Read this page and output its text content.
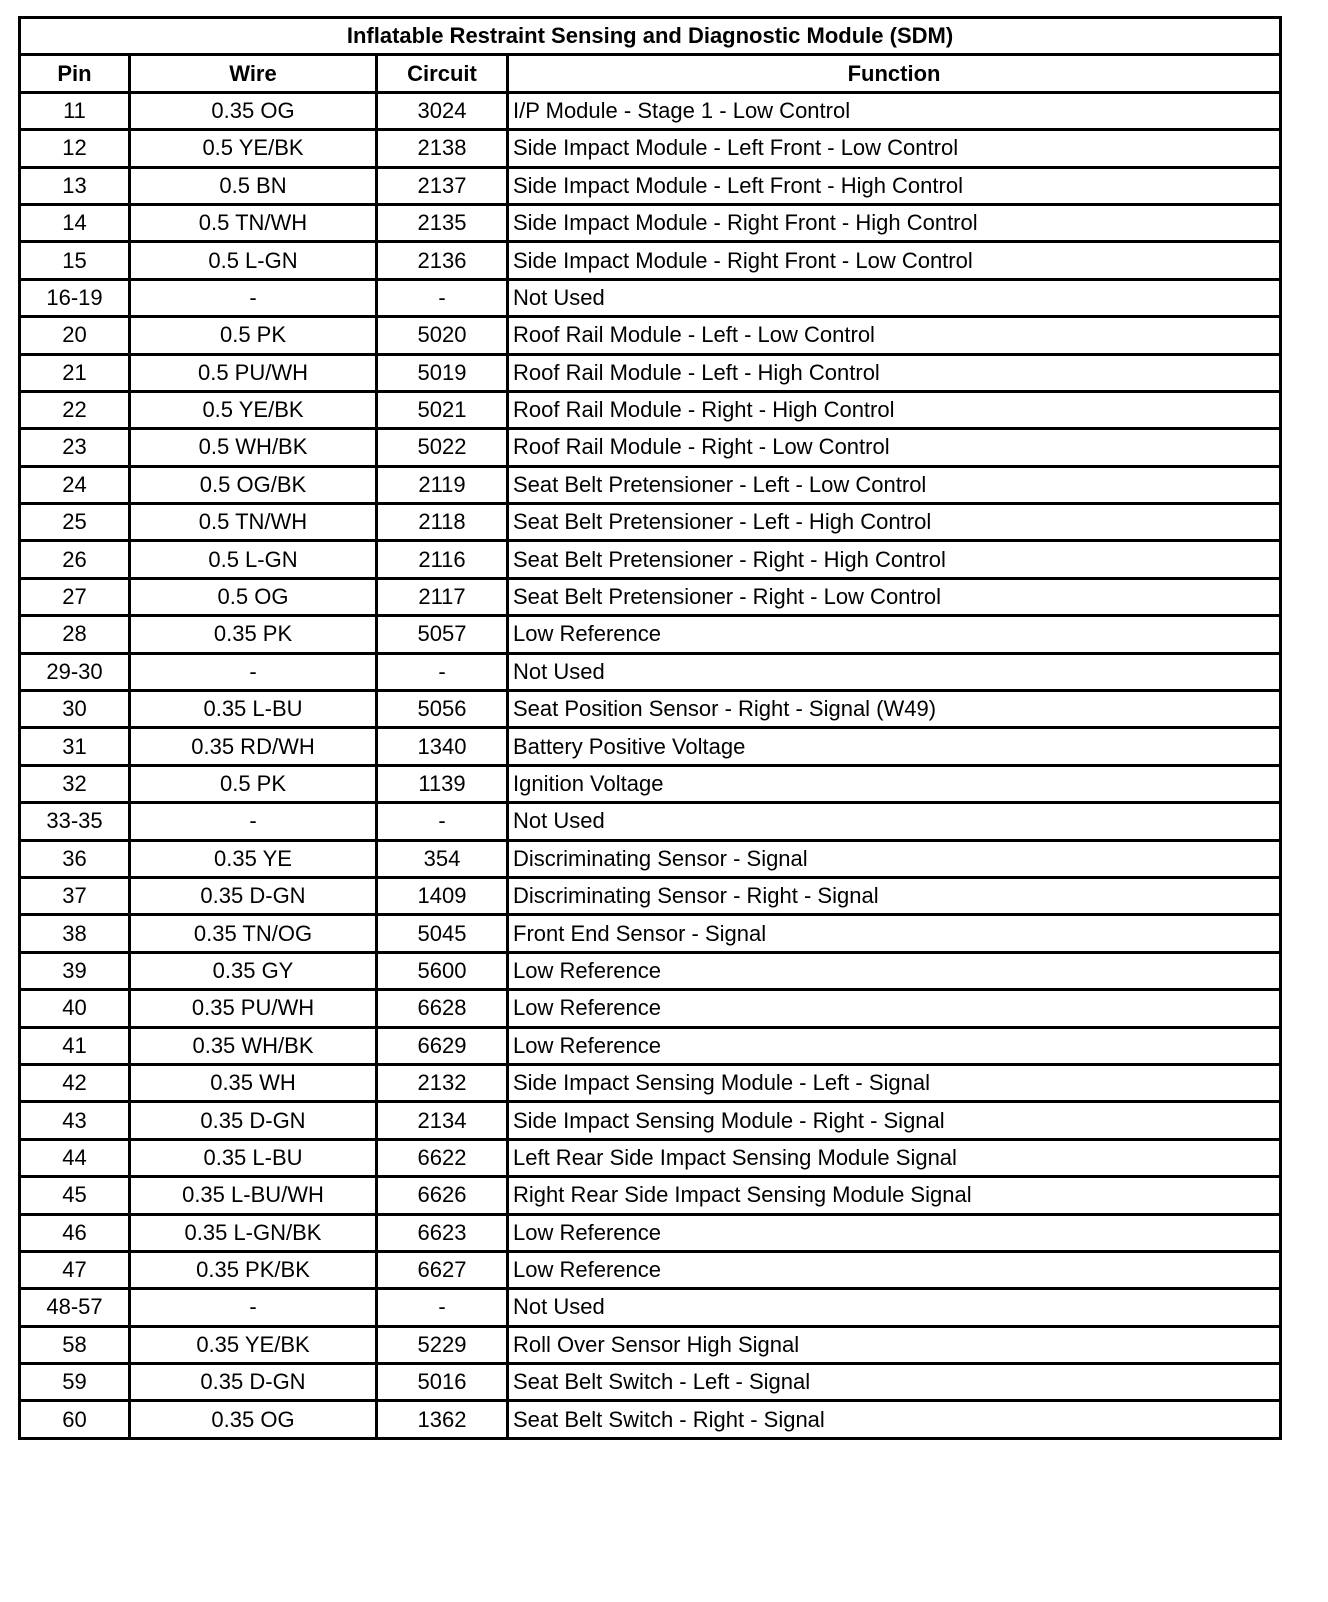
Inflatable Restraint Sensing and Diagnostic Module (SDM)			
Pin	Wire	Circuit	Function
11	0.35 OG	3024	I/P Module - Stage 1 - Low Control
12	0.5 YE/BK	2138	Side Impact Module - Left Front - Low Control
13	0.5 BN	2137	Side Impact Module - Left Front - High Control
14	0.5 TN/WH	2135	Side Impact Module - Right Front - High Control
15	0.5 L-GN	2136	Side Impact Module - Right Front - Low Control
16-19	-	-	Not Used
20	0.5 PK	5020	Roof Rail Module - Left - Low Control
21	0.5 PU/WH	5019	Roof Rail Module - Left - High Control
22	0.5 YE/BK	5021	Roof Rail Module - Right - High Control
23	0.5 WH/BK	5022	Roof Rail Module - Right - Low Control
24	0.5 OG/BK	2119	Seat Belt Pretensioner - Left - Low Control
25	0.5 TN/WH	2118	Seat Belt Pretensioner - Left - High Control
26	0.5 L-GN	2116	Seat Belt Pretensioner - Right - High Control
27	0.5 OG	2117	Seat Belt Pretensioner - Right - Low Control
28	0.35 PK	5057	Low Reference
29-30	-	-	Not Used
30	0.35 L-BU	5056	Seat Position Sensor - Right - Signal (W49)
31	0.35 RD/WH	1340	Battery Positive Voltage
32	0.5 PK	1139	Ignition Voltage
33-35	-	-	Not Used
36	0.35 YE	354	Discriminating Sensor - Signal
37	0.35 D-GN	1409	Discriminating Sensor - Right - Signal
38	0.35 TN/OG	5045	Front End Sensor - Signal
39	0.35 GY	5600	Low Reference
40	0.35 PU/WH	6628	Low Reference
41	0.35 WH/BK	6629	Low Reference
42	0.35 WH	2132	Side Impact Sensing Module - Left - Signal
43	0.35 D-GN	2134	Side Impact Sensing Module - Right - Signal
44	0.35 L-BU	6622	Left Rear Side Impact Sensing Module Signal
45	0.35 L-BU/WH	6626	Right Rear Side Impact Sensing Module Signal
46	0.35 L-GN/BK	6623	Low Reference
47	0.35 PK/BK	6627	Low Reference
48-57	-	-	Not Used
58	0.35 YE/BK	5229	Roll Over Sensor High Signal
59	0.35 D-GN	5016	Seat Belt Switch - Left - Signal
60	0.35 OG	1362	Seat Belt Switch - Right - Signal
